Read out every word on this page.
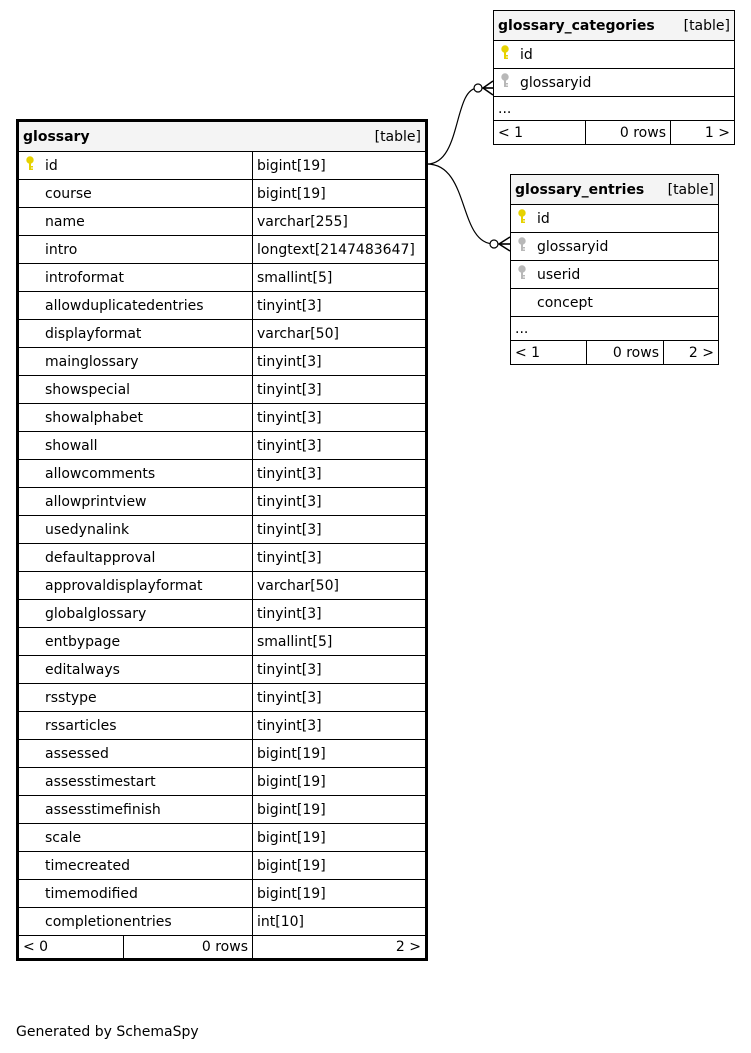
glossary_categories [table]

id
glossaryid
...
< 1	0 rows	1 >
glossary_entries [table]

id
glossaryid
userid
concept
...
< 1	0 rows	2 >
glossary [table]		

id		bigint[19]
course		bigint[19]
name		varchar[255]
intro		longtext[2147483647]
introformat		smallint[5]
allowduplicatedentries		tinyint[3]
displayformat		varchar[50]
mainglossary		tinyint[3]
showspecial		tinyint[3]
showalphabet		tinyint[3]
showall		tinyint[3]
allowcomments		tinyint[3]
allowprintview		tinyint[3]
usedynalink		tinyint[3]
defaultapproval		tinyint[3]
approvaldisplayformat		varchar[50]
globalglossary		tinyint[3]
entbypage		smallint[5]
editalways		tinyint[3]
rsstype		tinyint[3]
rssarticles		tinyint[3]
assessed		bigint[19]
assesstimestart		bigint[19]
assesstimefinish		bigint[19]
scale		bigint[19]
timecreated		bigint[19]
timemodified		bigint[19]
completionentries		int[10]
< 0	0 rows	2 >
Generated by SchemaSpy
